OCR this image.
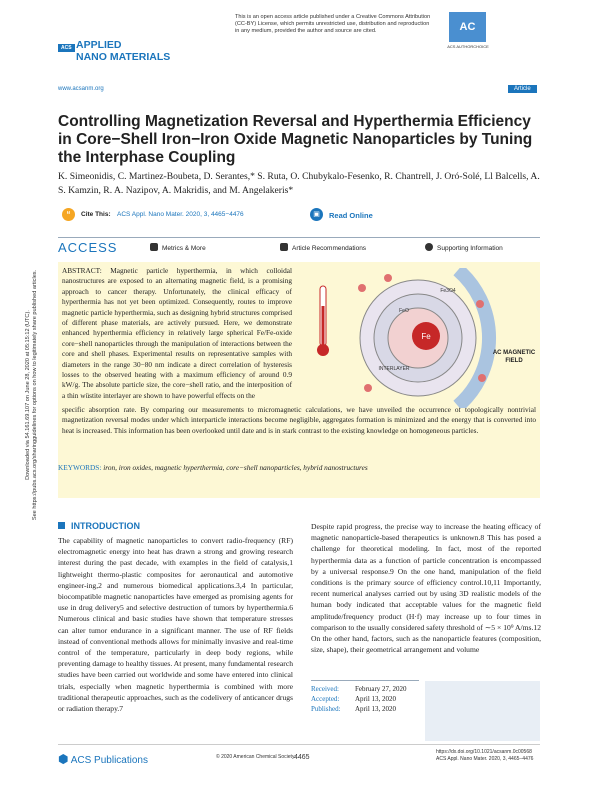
Downloaded via 54.161.69.107 on June 28, 2020 at 05:15:12 (UTC). See https://pubs.acs.org/sharingguidelines for options on how to legitimately share published articles.
This is an open access article published under a Creative Commons Attribution (CC-BY) License, which permits unrestricted use, distribution and reproduction in any medium, provided the author and source are cited.	AC
ACS AUTHORCHOICE
ACS APPLIED
NANO MATERIALS
www.acsanm.org	Article
Controlling Magnetization Reversal and Hyperthermia Efficiency in Core−Shell Iron−Iron Oxide Magnetic Nanoparticles by Tuning the Interphase Coupling
K. Simeonidis, C. Martinez-Boubeta, D. Serantes,* S. Ruta, O. Chubykalo-Fesenko, R. Chantrell, J. Oró-Solé, Ll Balcells, A. S. Kamzin, R. A. Nazipov, A. Makridis, and M. Angelakeris*
“	Cite This: ACS Appl. Nano Mater. 2020, 3, 4465−4476	▣	Read Online
ACCESS	Metrics & More	Article Recommendations	Supporting Information
ABSTRACT: Magnetic particle hyperthermia, in which colloidal nanostructures are exposed to an alternating magnetic field, is a promising approach to cancer therapy. Unfortunately, the clinical efficacy of hyperthermia has not yet been optimized. Consequently, routes to improve magnetic particle hyperthermia, such as designing hybrid structures comprised of different phase materials, are actively pursued. Here, we demonstrate enhanced hyperthermia efficiency in relatively large spherical Fe/Fe-oxide core−shell nanoparticles through the manipulation of interactions between the core and shell phases. Experimental results on representative samples with diameters in the range 30−80 nm indicate a direct correlation of hysteresis losses to the observed heating with a maximum efficiency of around 0.9 kW/g. The absolute particle size, the core−shell ratio, and the interposition of a thin wüstite interlayer are shown to have powerful effects on the
specific absorption rate. By comparing our measurements to micromagnetic calculations, we have unveiled the occurrence of topologically nontrivial magnetization reversal modes under which interparticle interactions become negligible, aggregates formation is minimized and the energy that is converted into heat is increased. This information has been overlooked until date and is in stark contrast to the existing knowledge on homogeneous particles.
KEYWORDS: iron, iron oxides, magnetic hyperthermia, core−shell nanoparticles, hybrid nanostructures
Fe
FeO
INTERLAYER
Fe3O4
AC MAGNETIC
FIELD
INTRODUCTION
The capability of magnetic nanoparticles to convert radio-frequency (RF) electromagnetic energy into heat has drawn a strong and growing research interest during the past decade, with examples in the field of catalysis,1 lightweight thermo-plastic composites for aeronautical and automotive engineer-ing,2 and numerous biomedical applications.3,4 In particular, biocompatible magnetic nanoparticles have emerged as promising agents for use in drug delivery5 and selective destruction of tumors by hyperthermia.6 Numerous clinical and basic studies have shown that temperature stresses can alter tumor endurance in a significant manner. The use of RF fields instead of conventional methods allows for minimally invasive and real-time control of the temperature, particularly in deep body regions, while preventing damage to healthy tissues. At present, many fundamental research studies have been carried out worldwide and some have entered into clinical trials, especially when magnetic hyperthermia is combined with more traditional therapeutic approaches, such as the codelivery of anticancer drugs or radiation therapy.7
Despite rapid progress, the precise way to increase the heating efficacy of magnetic nanoparticle-based therapeutics is unknown.8 This has posed a challenge for theoretical modeling. In fact, most of the reported hyperthermia data as a function of particle concentration is encompassed by a universal response.9 On the one hand, manipulation of the field conditions is the primary source of efficiency control.10,11 Importantly, recent numerical analyses carried out by using 3D realistic models of the human body indicated that acceptable values for the magnetic field amplitude/frequency product (H·f) may increase up to four times in comparison to the usually considered safety threshold of ∼5 × 10⁹ A/ms.12 On the other hand, factors, such as the nanoparticle features (composition, size, shape), their geometrical arrangement and volume
Received: February 27, 2020
Accepted: April 13, 2020
Published: April 13, 2020
⬢ ACS Publications	© 2020 American Chemical Society 4465
https://dx.doi.org/10.1021/acsanm.0c00568
ACS Appl. Nano Mater. 2020, 3, 4465−4476
